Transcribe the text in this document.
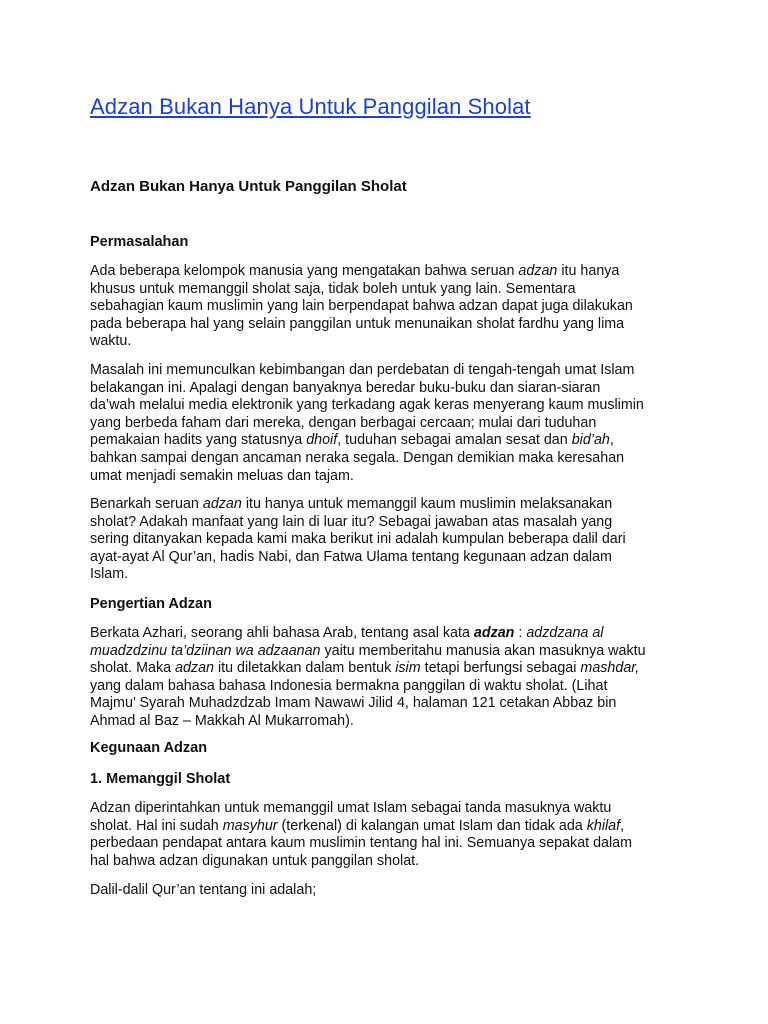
Adzan Bukan Hanya Untuk Panggilan Sholat
Adzan Bukan Hanya Untuk Panggilan Sholat
Permasalahan
Ada beberapa kelompok manusia yang mengatakan bahwa seruan adzan itu hanya
khusus untuk memanggil sholat saja, tidak boleh untuk yang lain. Sementara
sebahagian kaum muslimin yang lain berpendapat bahwa adzan dapat juga dilakukan
pada beberapa hal yang selain panggilan untuk menunaikan sholat fardhu yang lima
waktu.
Masalah ini memunculkan kebimbangan dan perdebatan di tengah-tengah umat Islam
belakangan ini. Apalagi dengan banyaknya beredar buku-buku dan siaran-siaran
da’wah melalui media elektronik yang terkadang agak keras menyerang kaum muslimin
yang berbeda faham dari mereka, dengan berbagai cercaan; mulai dari tuduhan
pemakaian hadits yang statusnya dhoif, tuduhan sebagai amalan sesat dan bid’ah,
bahkan sampai dengan ancaman neraka segala. Dengan demikian maka keresahan
umat menjadi semakin meluas dan tajam.
Benarkah seruan adzan itu hanya untuk memanggil kaum muslimin melaksanakan
sholat? Adakah manfaat yang lain di luar itu? Sebagai jawaban atas masalah yang
sering ditanyakan kepada kami maka berikut ini adalah kumpulan beberapa dalil dari
ayat-ayat Al Qur’an, hadis Nabi, dan Fatwa Ulama tentang kegunaan adzan dalam
Islam.
Pengertian Adzan
Berkata Azhari, seorang ahli bahasa Arab, tentang asal kata adzan : adzdzana al
muadzdzinu ta’dziinan wa adzaanan yaitu memberitahu manusia akan masuknya waktu
sholat. Maka adzan itu diletakkan dalam bentuk isim tetapi berfungsi sebagai mashdar,
yang dalam bahasa bahasa Indonesia bermakna panggilan di waktu sholat. (Lihat
Majmu’ Syarah Muhadzdzab Imam Nawawi Jilid 4, halaman 121 cetakan Abbaz bin
Ahmad al Baz – Makkah Al Mukarromah).
Kegunaan Adzan
1. Memanggil Sholat
Adzan diperintahkan untuk memanggil umat Islam sebagai tanda masuknya waktu
sholat. Hal ini sudah masyhur (terkenal) di kalangan umat Islam dan tidak ada khilaf,
perbedaan pendapat antara kaum muslimin tentang hal ini. Semuanya sepakat dalam
hal bahwa adzan digunakan untuk panggilan sholat.
Dalil-dalil Qur’an tentang ini adalah;
